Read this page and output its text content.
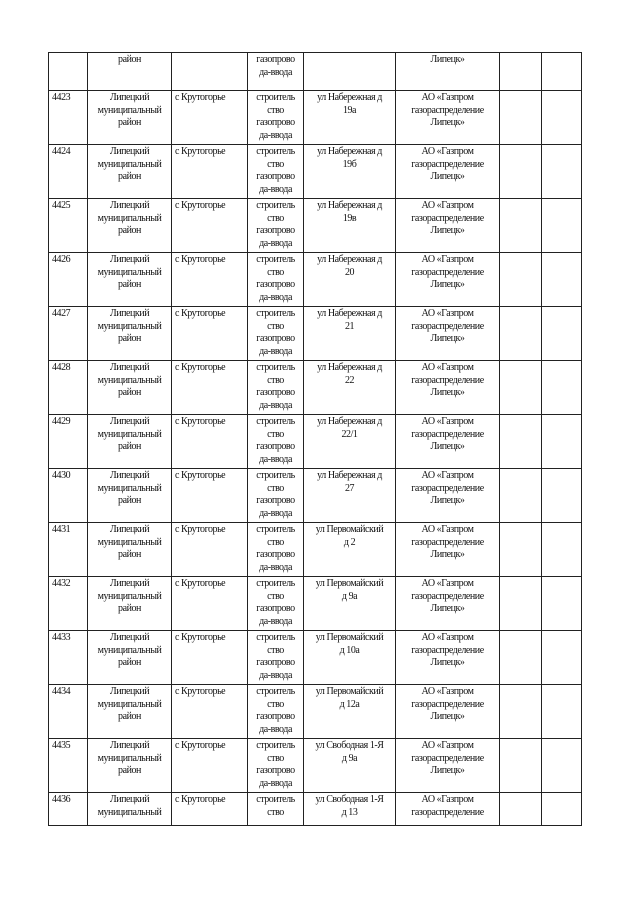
	район		газопрово
да-ввода		Липецк»		

4423	Липецкий
муниципальный
район	с Крутогорье	строитель
ство
газопрово
да-ввода	ул Набережная д
19а	АО «Газпром
газораспределение
Липецк»		

4424	Липецкий
муниципальный
район	с Крутогорье	строитель
ство
газопрово
да-ввода	ул Набережная д
19б	АО «Газпром
газораспределение
Липецк»		

4425	Липецкий
муниципальный
район	с Крутогорье	строитель
ство
газопрово
да-ввода	ул Набережная д
19в	АО «Газпром
газораспределение
Липецк»		

4426	Липецкий
муниципальный
район	с Крутогорье	строитель
ство
газопрово
да-ввода	ул Набережная д
20	АО «Газпром
газораспределение
Липецк»		

4427	Липецкий
муниципальный
район	с Крутогорье	строитель
ство
газопрово
да-ввода	ул Набережная д
21	АО «Газпром
газораспределение
Липецк»		

4428	Липецкий
муниципальный
район	с Крутогорье	строитель
ство
газопрово
да-ввода	ул Набережная д
22	АО «Газпром
газораспределение
Липецк»		

4429	Липецкий
муниципальный
район	с Крутогорье	строитель
ство
газопрово
да-ввода	ул Набережная д
22/1	АО «Газпром
газораспределение
Липецк»		

4430	Липецкий
муниципальный
район	с Крутогорье	строитель
ство
газопрово
да-ввода	ул Набережная д
27	АО «Газпром
газораспределение
Липецк»		

4431	Липецкий
муниципальный
район	с Крутогорье	строитель
ство
газопрово
да-ввода	ул Первомайский
д 2	АО «Газпром
газораспределение
Липецк»		

4432	Липецкий
муниципальный
район	с Крутогорье	строитель
ство
газопрово
да-ввода	ул Первомайский
д 9а	АО «Газпром
газораспределение
Липецк»		

4433	Липецкий
муниципальный
район	с Крутогорье	строитель
ство
газопрово
да-ввода	ул Первомайский
д 10а	АО «Газпром
газораспределение
Липецк»		

4434	Липецкий
муниципальный
район	с Крутогорье	строитель
ство
газопрово
да-ввода	ул Первомайский
д 12а	АО «Газпром
газораспределение
Липецк»		

4435	Липецкий
муниципальный
район	с Крутогорье	строитель
ство
газопрово
да-ввода	ул Свободная 1-Я
д 9а	АО «Газпром
газораспределение
Липецк»		

4436	Липецкий
муниципальный	с Крутогорье	строитель
ство	ул Свободная 1-Я
д 13	АО «Газпром
газораспределение		
